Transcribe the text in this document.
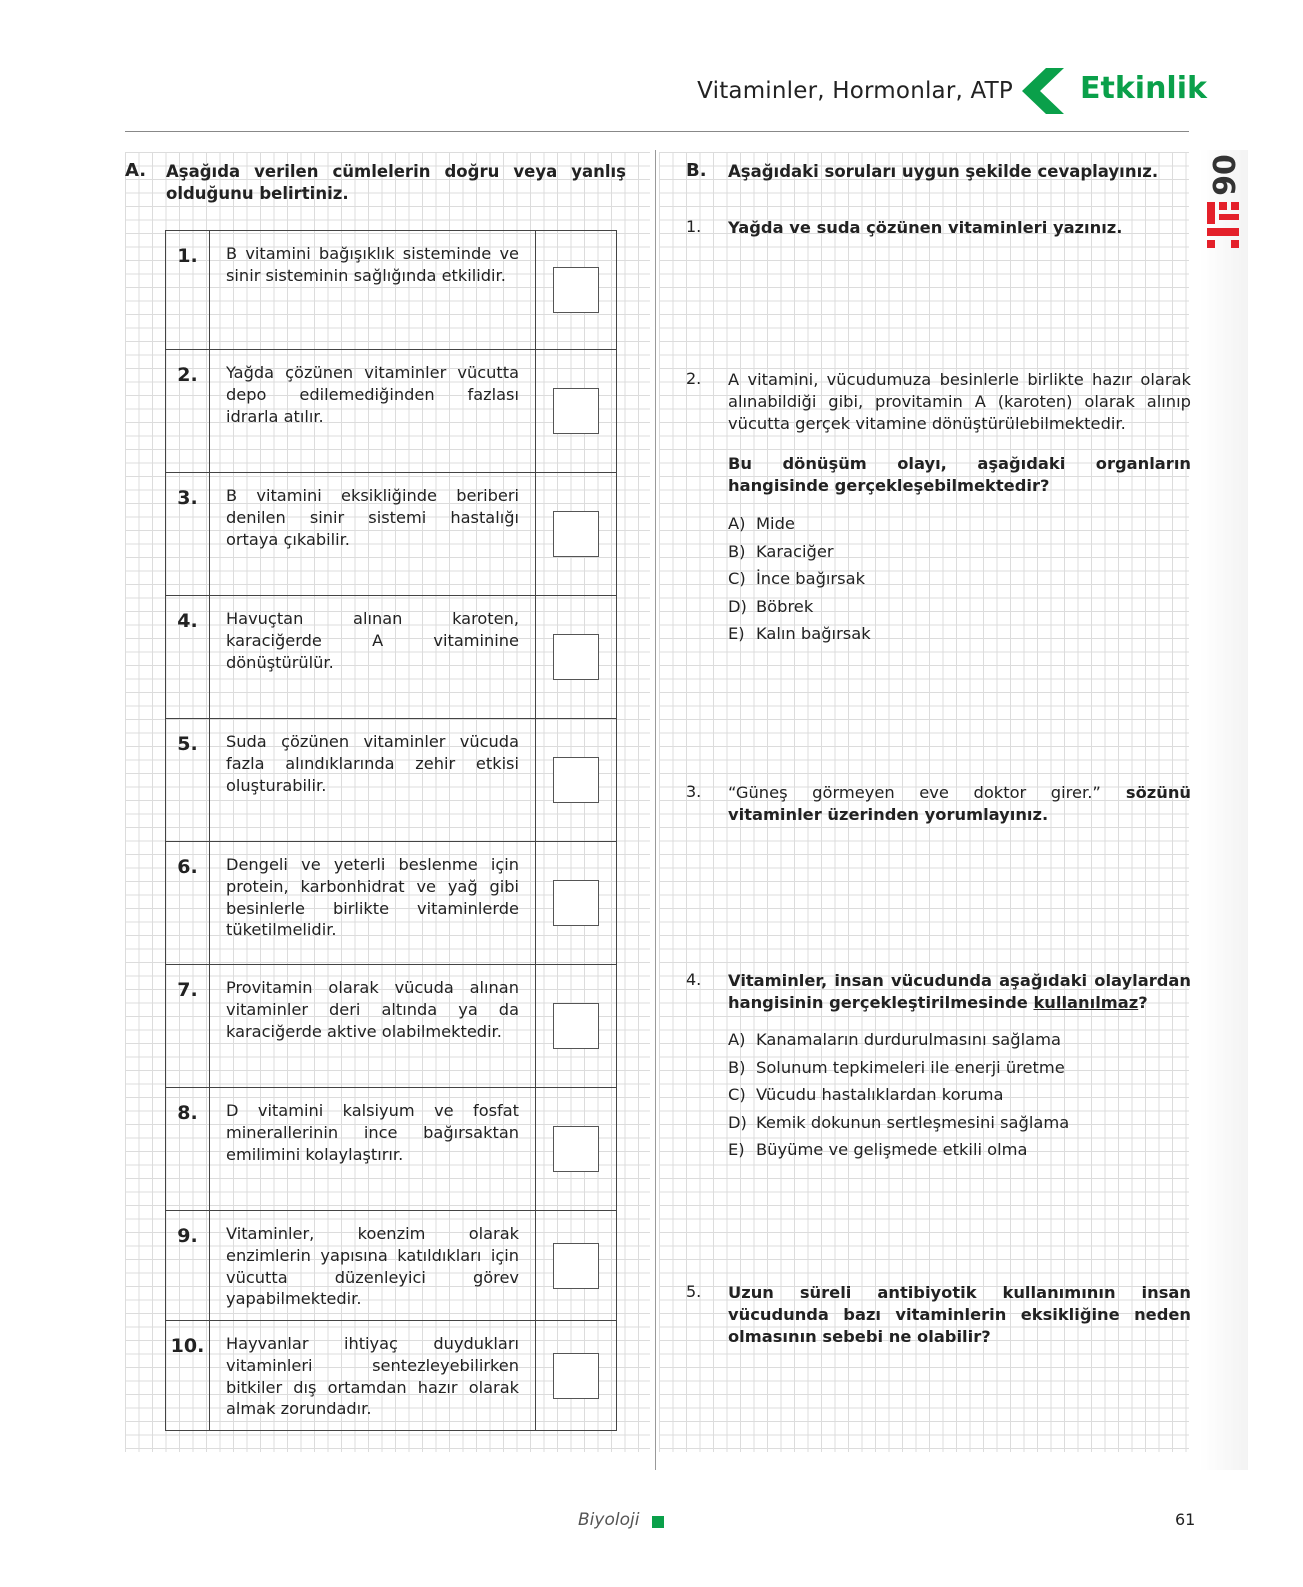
Vitaminler, Hormonlar, ATP Etkinlik
06
A. Aşağıda verilen cümlelerin doğru veya yanlış olduğunu belirtiniz.
1.	B vitamini bağışıklık sisteminde ve sinir sisteminin sağlığında etkilidir.
2.	Yağda çözünen vitaminler vücutta depo edilemediğinden fazlası idrarla atılır.
3.	B vitamini eksikliğinde beriberi denilen sinir sistemi hastalığı ortaya çıkabilir.
4.	Havuçtan alınan karoten, karaciğerde A vitaminine dönüştürülür.
5.	Suda çözünen vitaminler vücuda fazla alındıklarında zehir etkisi oluşturabilir.
6.	Dengeli ve yeterli beslenme için protein, karbonhidrat ve yağ gibi besinlerle birlikte vitaminlerde tüketilmelidir.
7.	Provitamin olarak vücuda alınan vitaminler deri altında ya da karaciğerde aktive olabilmektedir.
8.	D vitamini kalsiyum ve fosfat minerallerinin ince bağırsaktan emilimini kolaylaştırır.
9.	Vitaminler, koenzim olarak enzimlerin yapısına katıldıkları için vücutta düzenleyici görev yapabilmektedir.
10.	Hayvanlar ihtiyaç duydukları vitaminleri sentezleyebilirken bitkiler dış ortamdan hazır olarak almak zorundadır.
B. Aşağıdaki soruları uygun şekilde cevaplayınız.
1. Yağda ve suda çözünen vitaminleri yazınız.
2. A vitamini, vücudumuza besinlerle birlikte hazır olarak alınabildiği gibi, provitamin A (karoten) olarak alınıp vücutta gerçek vitamine dönüştürülebilmektedir.
Bu dönüşüm olayı, aşağıdaki organların hangisinde gerçekleşebilmektedir?
A) Mide
B) Karaciğer
C) İnce bağırsak
D) Böbrek
E) Kalın bağırsak
3. “Güneş görmeyen eve doktor girer.” sözünü vitaminler üzerinden yorumlayınız.
4. Vitaminler, insan vücudunda aşağıdaki olaylardan hangisinin gerçekleştirilmesinde kullanılmaz?
A) Kanamaların durdurulmasını sağlama
B) Solunum tepkimeleri ile enerji üretme
C) Vücudu hastalıklardan koruma
D) Kemik dokunun sertleşmesini sağlama
E) Büyüme ve gelişmede etkili olma
5. Uzun süreli antibiyotik kullanımının insan vücudunda bazı vitaminlerin eksikliğine neden olmasının sebebi ne olabilir?
Biyoloji	61
